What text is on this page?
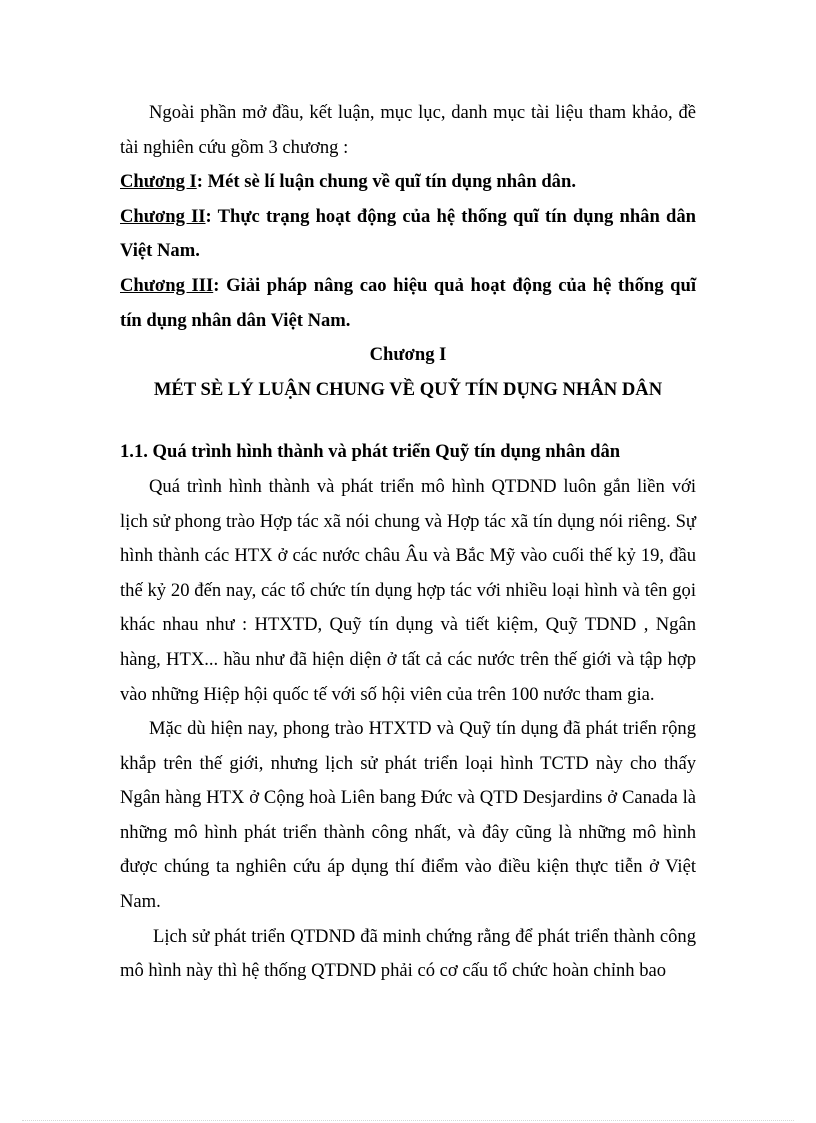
Ngoài phần mở đầu, kết luận, mục lục, danh mục tài liệu tham khảo, đề tài nghiên cứu gồm 3 chương :

Chương I: Mét sè lí luận chung về quĩ tín dụng nhân dân.

Chương II: Thực trạng hoạt động của hệ thống quĩ tín dụng nhân dân Việt Nam.

Chương III: Giải pháp nâng cao hiệu quả hoạt động của hệ thống quĩ tín dụng nhân dân Việt Nam.

Chương I

MÉT SÈ LÝ LUẬN CHUNG VỀ QUỸ TÍN DỤNG NHÂN DÂN

1.1. Quá trình hình thành và phát triển Quỹ tín dụng nhân dân

Quá trình hình thành và phát triển mô hình QTDND luôn gắn liền với lịch sử phong trào Hợp tác xã nói chung và Hợp tác xã tín dụng nói riêng. Sự hình thành các HTX ở các nước châu Âu và Bắc Mỹ vào cuối thế kỷ 19, đầu thế kỷ 20 đến nay, các tổ chức tín dụng hợp tác với nhiều loại hình và tên gọi khác nhau như : HTXTD, Quỹ tín dụng và tiết kiệm, Quỹ TDND , Ngân hàng, HTX... hầu như đã hiện diện ở tất cả các nước trên thế giới và tập hợp vào những Hiệp hội quốc tế với số hội viên của trên 100 nước tham gia.

Mặc dù hiện nay, phong trào HTXTD và Quỹ tín dụng đã phát triển rộng khắp trên thế giới, nhưng lịch sử phát triển loại hình TCTD này cho thấy Ngân hàng HTX ở Cộng hoà Liên bang Đức và QTD Desjardins ở Canada là những mô hình phát triển thành công nhất, và đây cũng là những mô hình được chúng ta nghiên cứu áp dụng thí điểm vào điều kiện thực tiễn ở Việt Nam.

Lịch sử phát triển QTDND đã minh chứng rằng để phát triển thành công mô hình này thì hệ thống QTDND phải có cơ cấu tổ chức hoàn chỉnh bao
